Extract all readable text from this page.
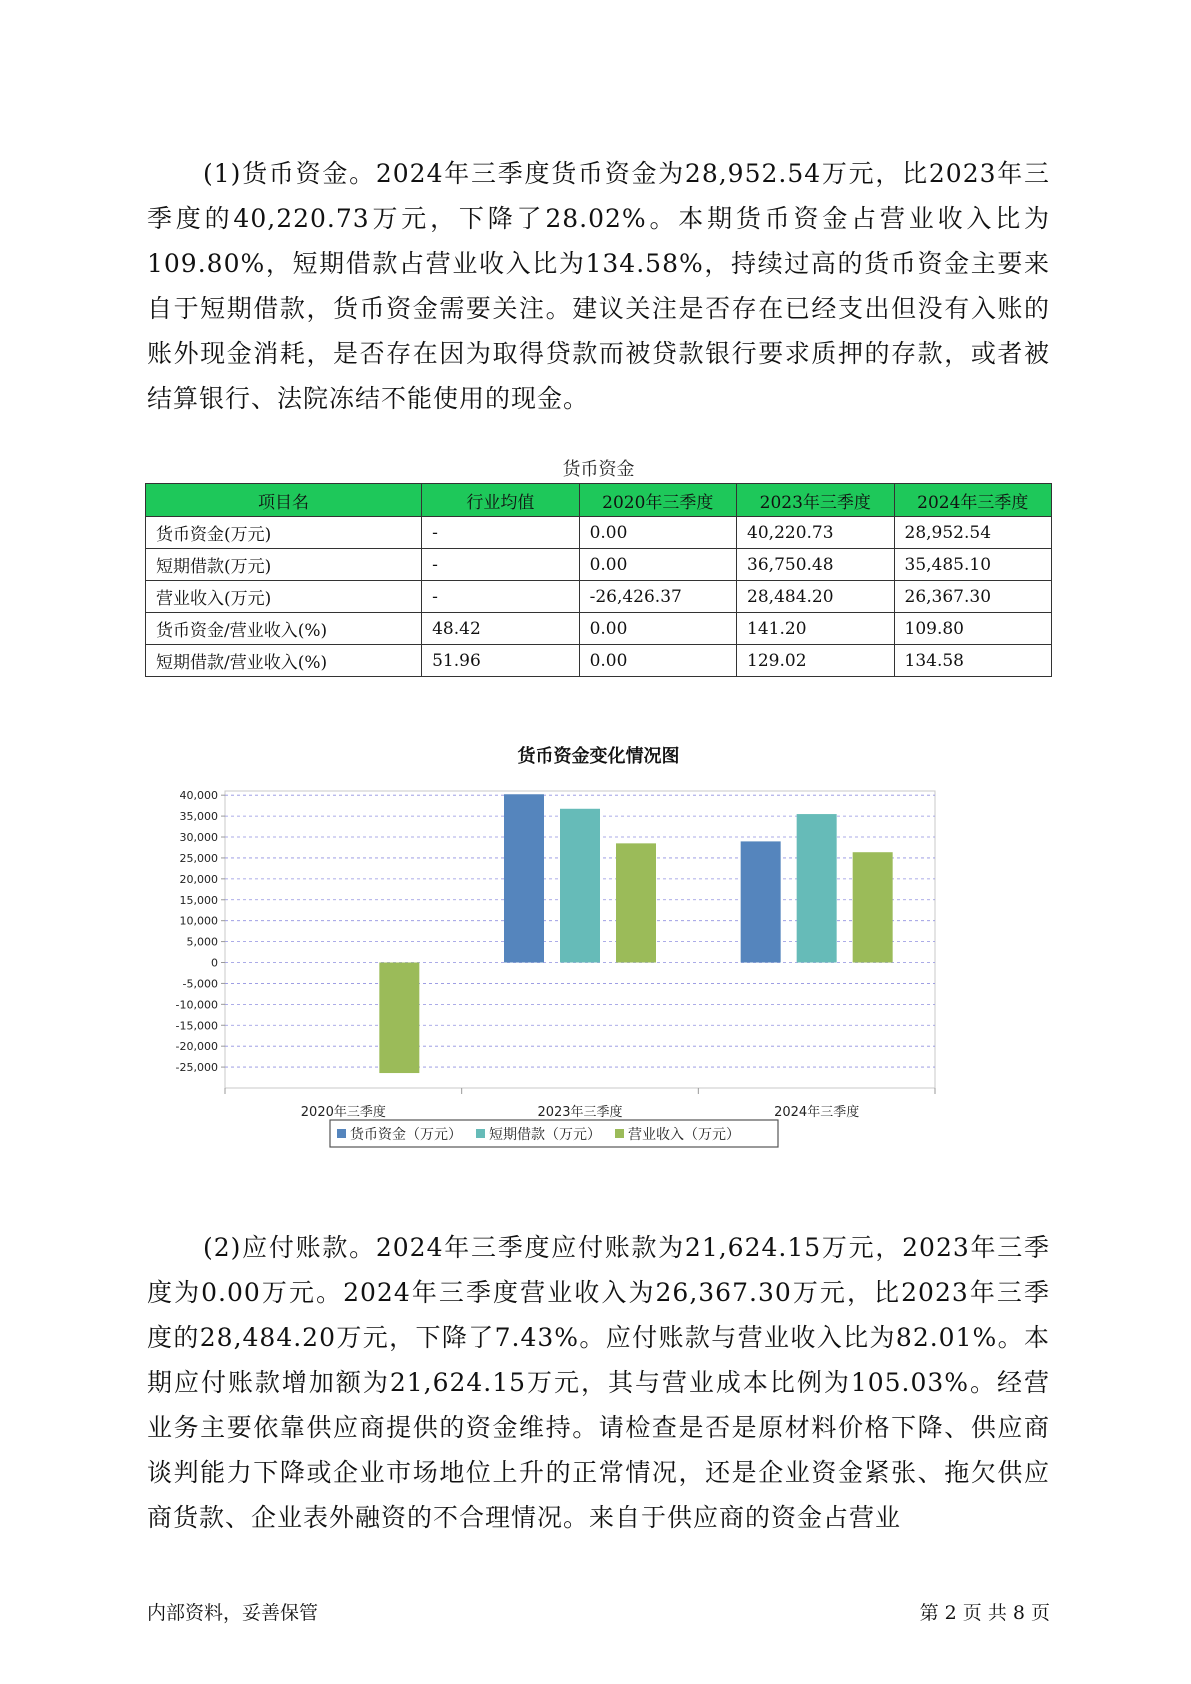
(1)货币资金。2024年三季度货币资金为28,952.54万元，比2023年三季度的40,220.73万元，下降了28.02%。本期货币资金占营业收入比为109.80%，短期借款占营业收入比为134.58%，持续过高的货币资金主要来自于短期借款，货币资金需要关注。建议关注是否存在已经支出但没有入账的账外现金消耗，是否存在因为取得贷款而被贷款银行要求质押的存款，或者被结算银行、法院冻结不能使用的现金。

货币资金
项目名	行业均值	2020年三季度	2023年三季度	2024年三季度
货币资金(万元)	-	0.00	40,220.73	28,952.54
短期借款(万元)	-	0.00	36,750.48	35,485.10
营业收入(万元)	-	-26,426.37	28,484.20	26,367.30
货币资金/营业收入(%)	48.42	0.00	141.20	109.80
短期借款/营业收入(%)	51.96	0.00	129.02	134.58
货币资金变化情况图
40,000
35,000
30,000
25,000
20,000
15,000
10,000
5,000
0
-5,000
-10,000
-15,000
-20,000
-25,000
2020年三季度	2023年三季度	2024年三季度
货币资金（万元） 短期借款（万元） 营业收入（万元）

(2)应付账款。2024年三季度应付账款为21,624.15万元，2023年三季度为0.00万元。2024年三季度营业收入为26,367.30万元，比2023年三季度的28,484.20万元，下降了7.43%。应付账款与营业收入比为82.01%。本期应付账款增加额为21,624.15万元，其与营业成本比例为105.03%。经营业务主要依靠供应商提供的资金维持。请检查是否是原材料价格下降、供应商谈判能力下降或企业市场地位上升的正常情况，还是企业资金紧张、拖欠供应商货款、企业表外融资的不合理情况。来自于供应商的资金占营业

内部资料，妥善保管	第 2 页 共 8 页
